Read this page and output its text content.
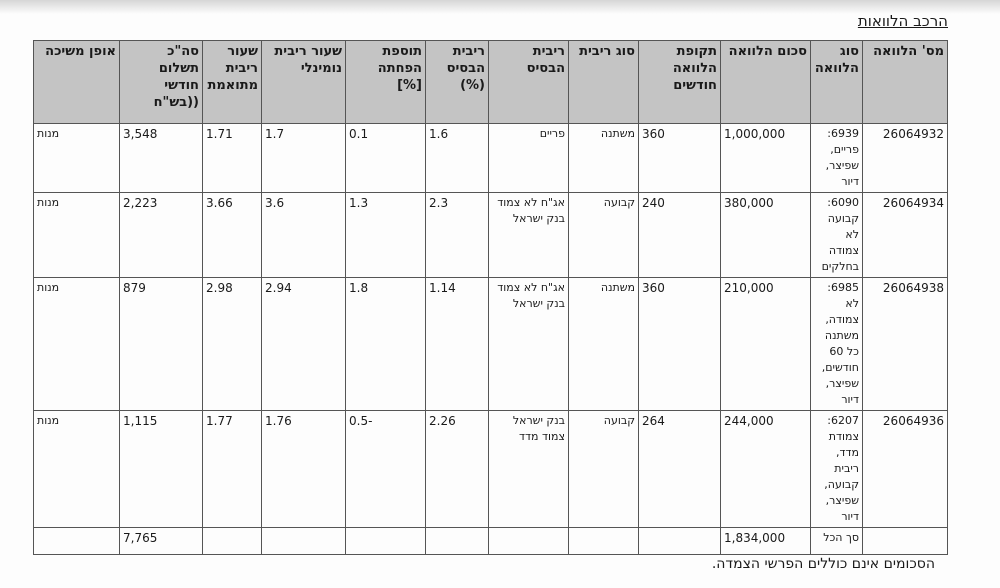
הרכב הלוואות
מס' הלוואה	סוג הלוואה	סכום הלוואה	תקופת הלוואה חודשים	סוג ריבית	ריבית הבסיס	ריבית הבסיס (%)	תוספת הפחתה [%]	שעור ריבית נומינלי	שעור ריבית מתואמת	סה"כ תשלום חודשי ((בש"ח	אופן משיכה
26064932	6939: פריים, שפיצר, דיור	1,000,000	360	משתנה	פריים	1.6	0.1	1.7	1.71	3,548	מנות
26064934	6090: קבועה לא צמודה בחלקים	380,000	240	קבועה	אג"ח לא צמוד בנק ישראל	2.3	1.3	3.6	3.66	2,223	מנות
26064938	6985: לא צמודה, משתנה כל 60 חודשים, שפיצר, דיור	210,000	360	משתנה	אג"ח לא צמוד בנק ישראל	1.14	1.8	2.94	2.98	879	מנות
26064936	6207: צמודת מדד, ריבית קבועה, שפיצר, דיור	244,000	264	קבועה	בנק ישראל צמוד מדד	2.26	-0.5	1.76	1.77	1,115	מנות
	סך הכל	1,834,000								7,765	
הסכומים אינם כוללים הפרשי הצמדה.
